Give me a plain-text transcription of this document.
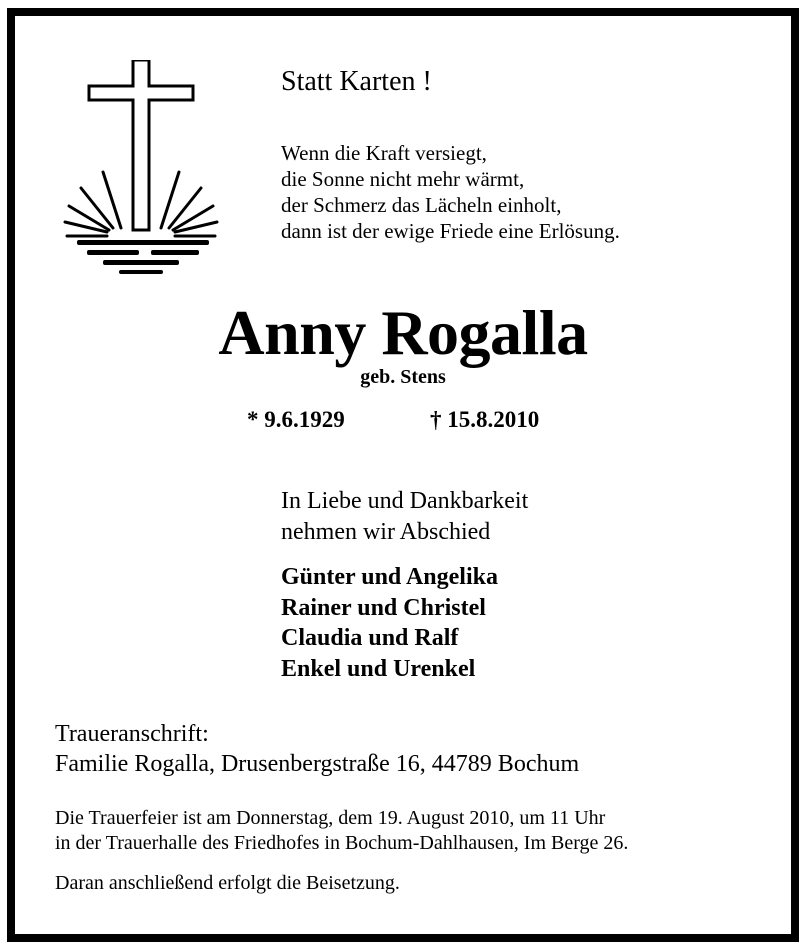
Statt Karten !
Wenn die Kraft versiegt,
die Sonne nicht mehr wärmt,
der Schmerz das Lächeln einholt,
dann ist der ewige Friede eine Erlösung.
Anny Rogalla
geb. Stens
* 9.6.1929	† 15.8.2010
In Liebe und Dankbarkeit
nehmen wir Abschied
Günter und Angelika
Rainer und Christel
Claudia und Ralf
Enkel und Urenkel
Traueranschrift:
Familie Rogalla, Drusenbergstraße 16, 44789 Bochum
Die Trauerfeier ist am Donnerstag, dem 19. August 2010, um 11 Uhr
in der Trauerhalle des Friedhofes in Bochum-Dahlhausen, Im Berge 26.
Daran anschließend erfolgt die Beisetzung.
